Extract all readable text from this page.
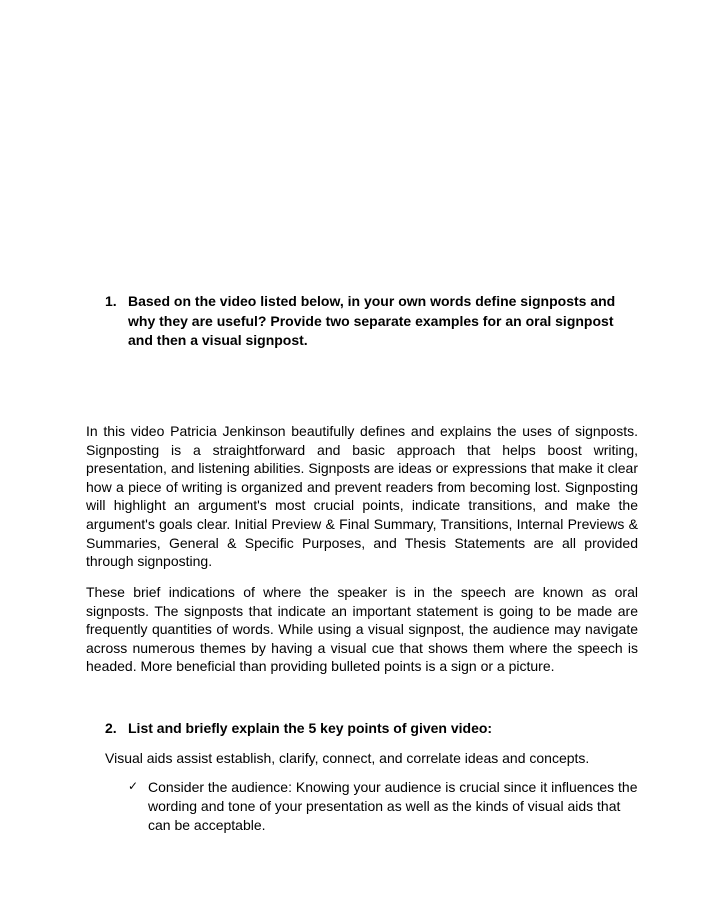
1. Based on the video listed below, in your own words define signposts and why they are useful? Provide two separate examples for an oral signpost and then a visual signpost.

In this video Patricia Jenkinson beautifully defines and explains the uses of signposts. Signposting is a straightforward and basic approach that helps boost writing, presentation, and listening abilities. Signposts are ideas or expressions that make it clear how a piece of writing is organized and prevent readers from becoming lost. Signposting will highlight an argument's most crucial points, indicate transitions, and make the argument's goals clear. Initial Preview & Final Summary, Transitions, Internal Previews & Summaries, General & Specific Purposes, and Thesis Statements are all provided through signposting.

These brief indications of where the speaker is in the speech are known as oral signposts. The signposts that indicate an important statement is going to be made are frequently quantities of words. While using a visual signpost, the audience may navigate across numerous themes by having a visual cue that shows them where the speech is headed. More beneficial than providing bulleted points is a sign or a picture.

2. List and briefly explain the 5 key points of given video:
Visual aids assist establish, clarify, connect, and correlate ideas and concepts.
✓ Consider the audience: Knowing your audience is crucial since it influences the wording and tone of your presentation as well as the kinds of visual aids that can be acceptable.
